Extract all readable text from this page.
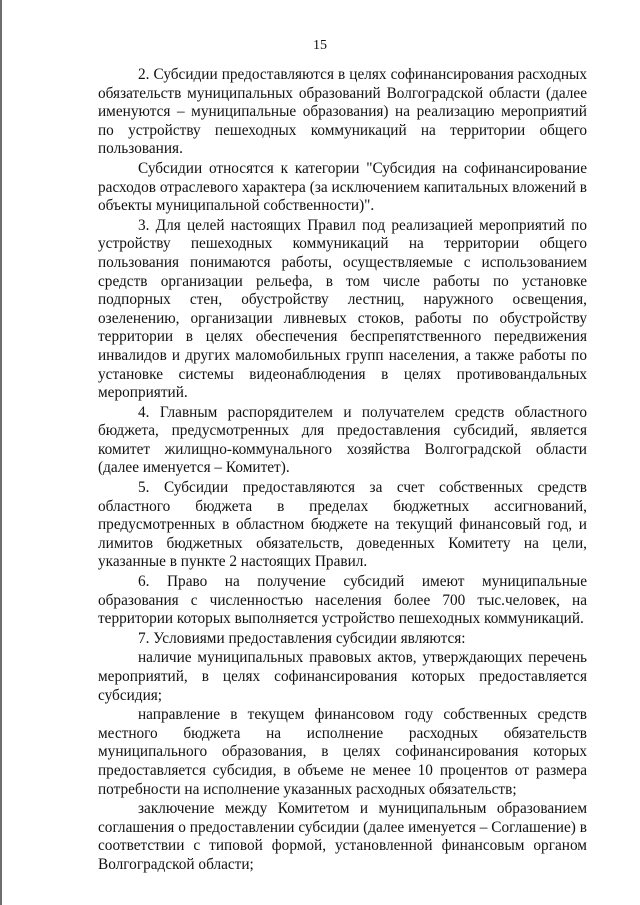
15

2. Субсидии предоставляются в целях софинансирования расходных обязательств муниципальных образований Волгоградской области (далее именуются – муниципальные образования) на реализацию мероприятий по устройству пешеходных коммуникаций на территории общего пользования.

Субсидии относятся к категории "Субсидия на софинансирование расходов отраслевого характера (за исключением капитальных вложений в объекты муниципальной собственности)".

3. Для целей настоящих Правил под реализацией мероприятий по устройству пешеходных коммуникаций на территории общего пользования понимаются работы, осуществляемые с использованием средств организации рельефа, в том числе работы по установке подпорных стен, обустройству лестниц, наружного освещения, озеленению, организации ливневых стоков, работы по обустройству территории в целях обеспечения беспрепятственного передвижения инвалидов и других маломобильных групп населения, а также работы по установке системы видеонаблюдения в целях противовандальных мероприятий.

4. Главным распорядителем и получателем средств областного бюджета, предусмотренных для предоставления субсидий, является комитет жилищно-коммунального хозяйства Волгоградской области (далее именуется – Комитет).

5. Субсидии предоставляются за счет собственных средств областного бюджета в пределах бюджетных ассигнований, предусмотренных в областном бюджете на текущий финансовый год, и лимитов бюджетных обязательств, доведенных Комитету на цели, указанные в пункте 2 настоящих Правил.

6. Право на получение субсидий имеют муниципальные образования с численностью населения более 700 тыс.человек, на территории которых выполняется устройство пешеходных коммуникаций.

7. Условиями предоставления субсидии являются:

наличие муниципальных правовых актов, утверждающих перечень мероприятий, в целях софинансирования которых предоставляется субсидия;

направление в текущем финансовом году собственных средств местного бюджета на исполнение расходных обязательств муниципального образования, в целях софинансирования которых предоставляется субсидия, в объеме не менее 10 процентов от размера потребности на исполнение указанных расходных обязательств;

заключение между Комитетом и муниципальным образованием соглашения о предоставлении субсидии (далее именуется – Соглашение) в соответствии с типовой формой, установленной финансовым органом Волгоградской области;
